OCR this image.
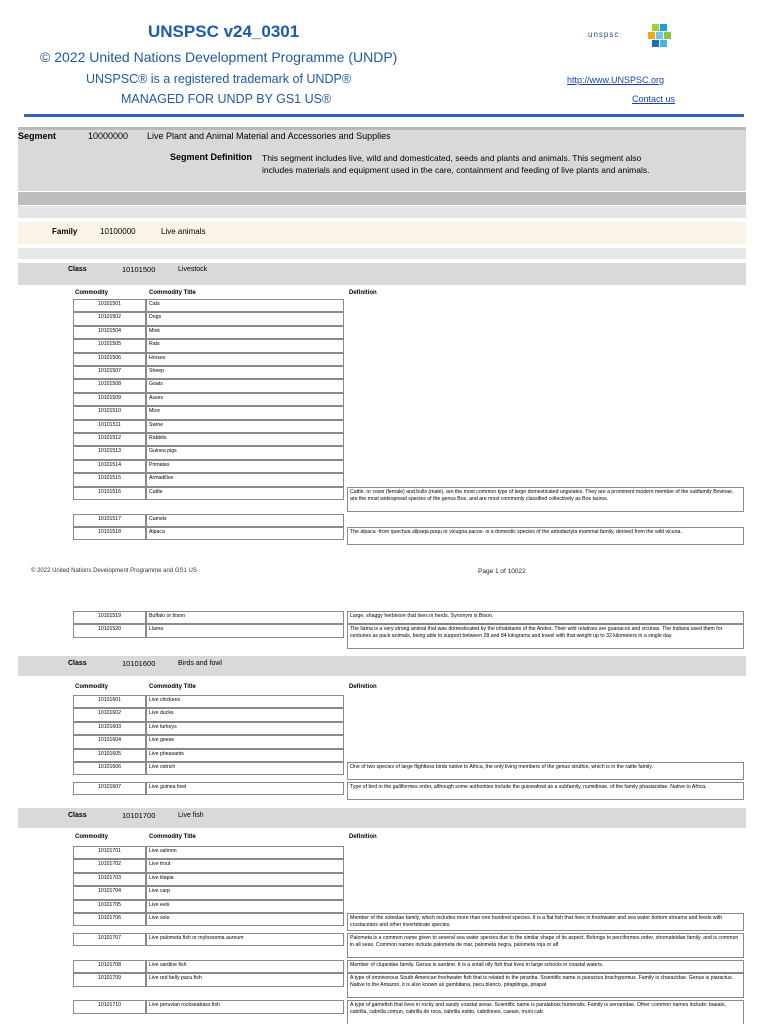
UNSPSC v24_0301
© 2022 United Nations Development Programme (UNDP)
UNSPSC® is a registered trademark of UNDP®
MANAGED FOR UNDP BY GS1 US®
unspsc
http://www.UNSPSC.org
Contact us
Segment	10000000 Live Plant and Animal Material and Accessories and Supplies
Segment Definition This segment includes live, wild and domesticated, seeds and plants and animals. This segment also includes materials and equipment used in the care, containment and feeding of live plants and animals.
Family	10100000	Live animals
Class	10101500	Livestock
Class	10101600	Birds and fowl
Class	10101700	Live fish
Commodity	Commodity Title	Definition
Commodity	Commodity Title	Definition
Commodity	Commodity Title	Definition
© 2022 United Nations Development Programme and GS1 US	Page 1 of 10022
10101501	Cats
10101502	Dogs
10101504	Mink
10101505	Rats
10101506	Horses
10101507	Sheep
10101508	Goats
10101509	Asses
10101510	Mice
10101511	Swine
10101512	Rabbits
10101513	Guinea pigs
10101514	Primates
10101515	Armadillos
10101516	Cattle	Cattle, or cows (female) and bulls (male), are the most common type of large domesticated ungulates. They are a prominent modern member of the subfamily Bovinae, are the most widespread species of the genus Bos, and are most commonly classified collectively as Bos taurus.
10101517	Camels
10101518	Alpaca	The alpaca -from quechua allpaqa paqu or vicugna pacos- is a domestic species of the artiodactyla mammal family, derived from the wild vicuna.
10101519	Buffalo or bison	Large, shaggy herbivore that lives in herds. Synonym is Bison.
10101520	Llama	The llama is a very strong animal that was domesticated by the inhabitants of the Andes. Their wild relatives are guanacos and vicunas. The Indians used them for centuries as pack animals, being able to support between 28 and 84 kilograms and travel with that weight up to 32 kilometers in a single day.
10101601	Live chickens
10101602	Live ducks
10101603	Live turkeys
10101604	Live geese
10101605	Live pheasants
10101606	Live ostrich	One of two species of large flightless birds native to Africa, the only living members of the genus struthio, which is in the ratite family.
10101607	Live guinea fowl	Type of bird in the galliformes order, although some authorities include the guineafowl as a subfamily, numidinae, of the family phasianidae. Native to Africa.
10101701	Live salmon
10101702	Live trout
10101703	Live tilapia
10101704	Live carp
10101705	Live eels
10101706	Live sole	Member of the soleidae family, which includes more than one hundred species. It is a flat fish that lives in freshwater and sea water bottom streams and feeds with crustaceans and other invertebrate species.
10101707	Live palometa fish or mylossoma aureum	Palometa is a common name given to several sea water species due to the similar shape of its aspect. Belongs to perciformes order, stromateidae family, and is common in all seas. Common names include palometa de mar, palometa negra, palometa roja or alf
10101708	Live sardine fish	Member of clupeidae family. Genus is sardine. It is a small oily fish that lives in large schools in coastal waters.
10101709	Live red belly pacu fish	A type of omnivorous South American freshwater fish that is related to the piranha. Scientific name is piaractus brachypomus. Family is characidae. Genus is piaractus. Native to the Amazon, it is also known as gambitana, pacu blanco, pirapitinga, pirapat
10101710	Live peruvian rockseabass fish	A type of gamefish that lives in rocky and sandy coastal areas. Scientific name is paralabrax humeralis. Family is serranidae. Other common names include: baeaio, cabrilla, cabrilla comun, cabrilla de roca, cabrilla estito, cabrilones, caeaio, muni cab
